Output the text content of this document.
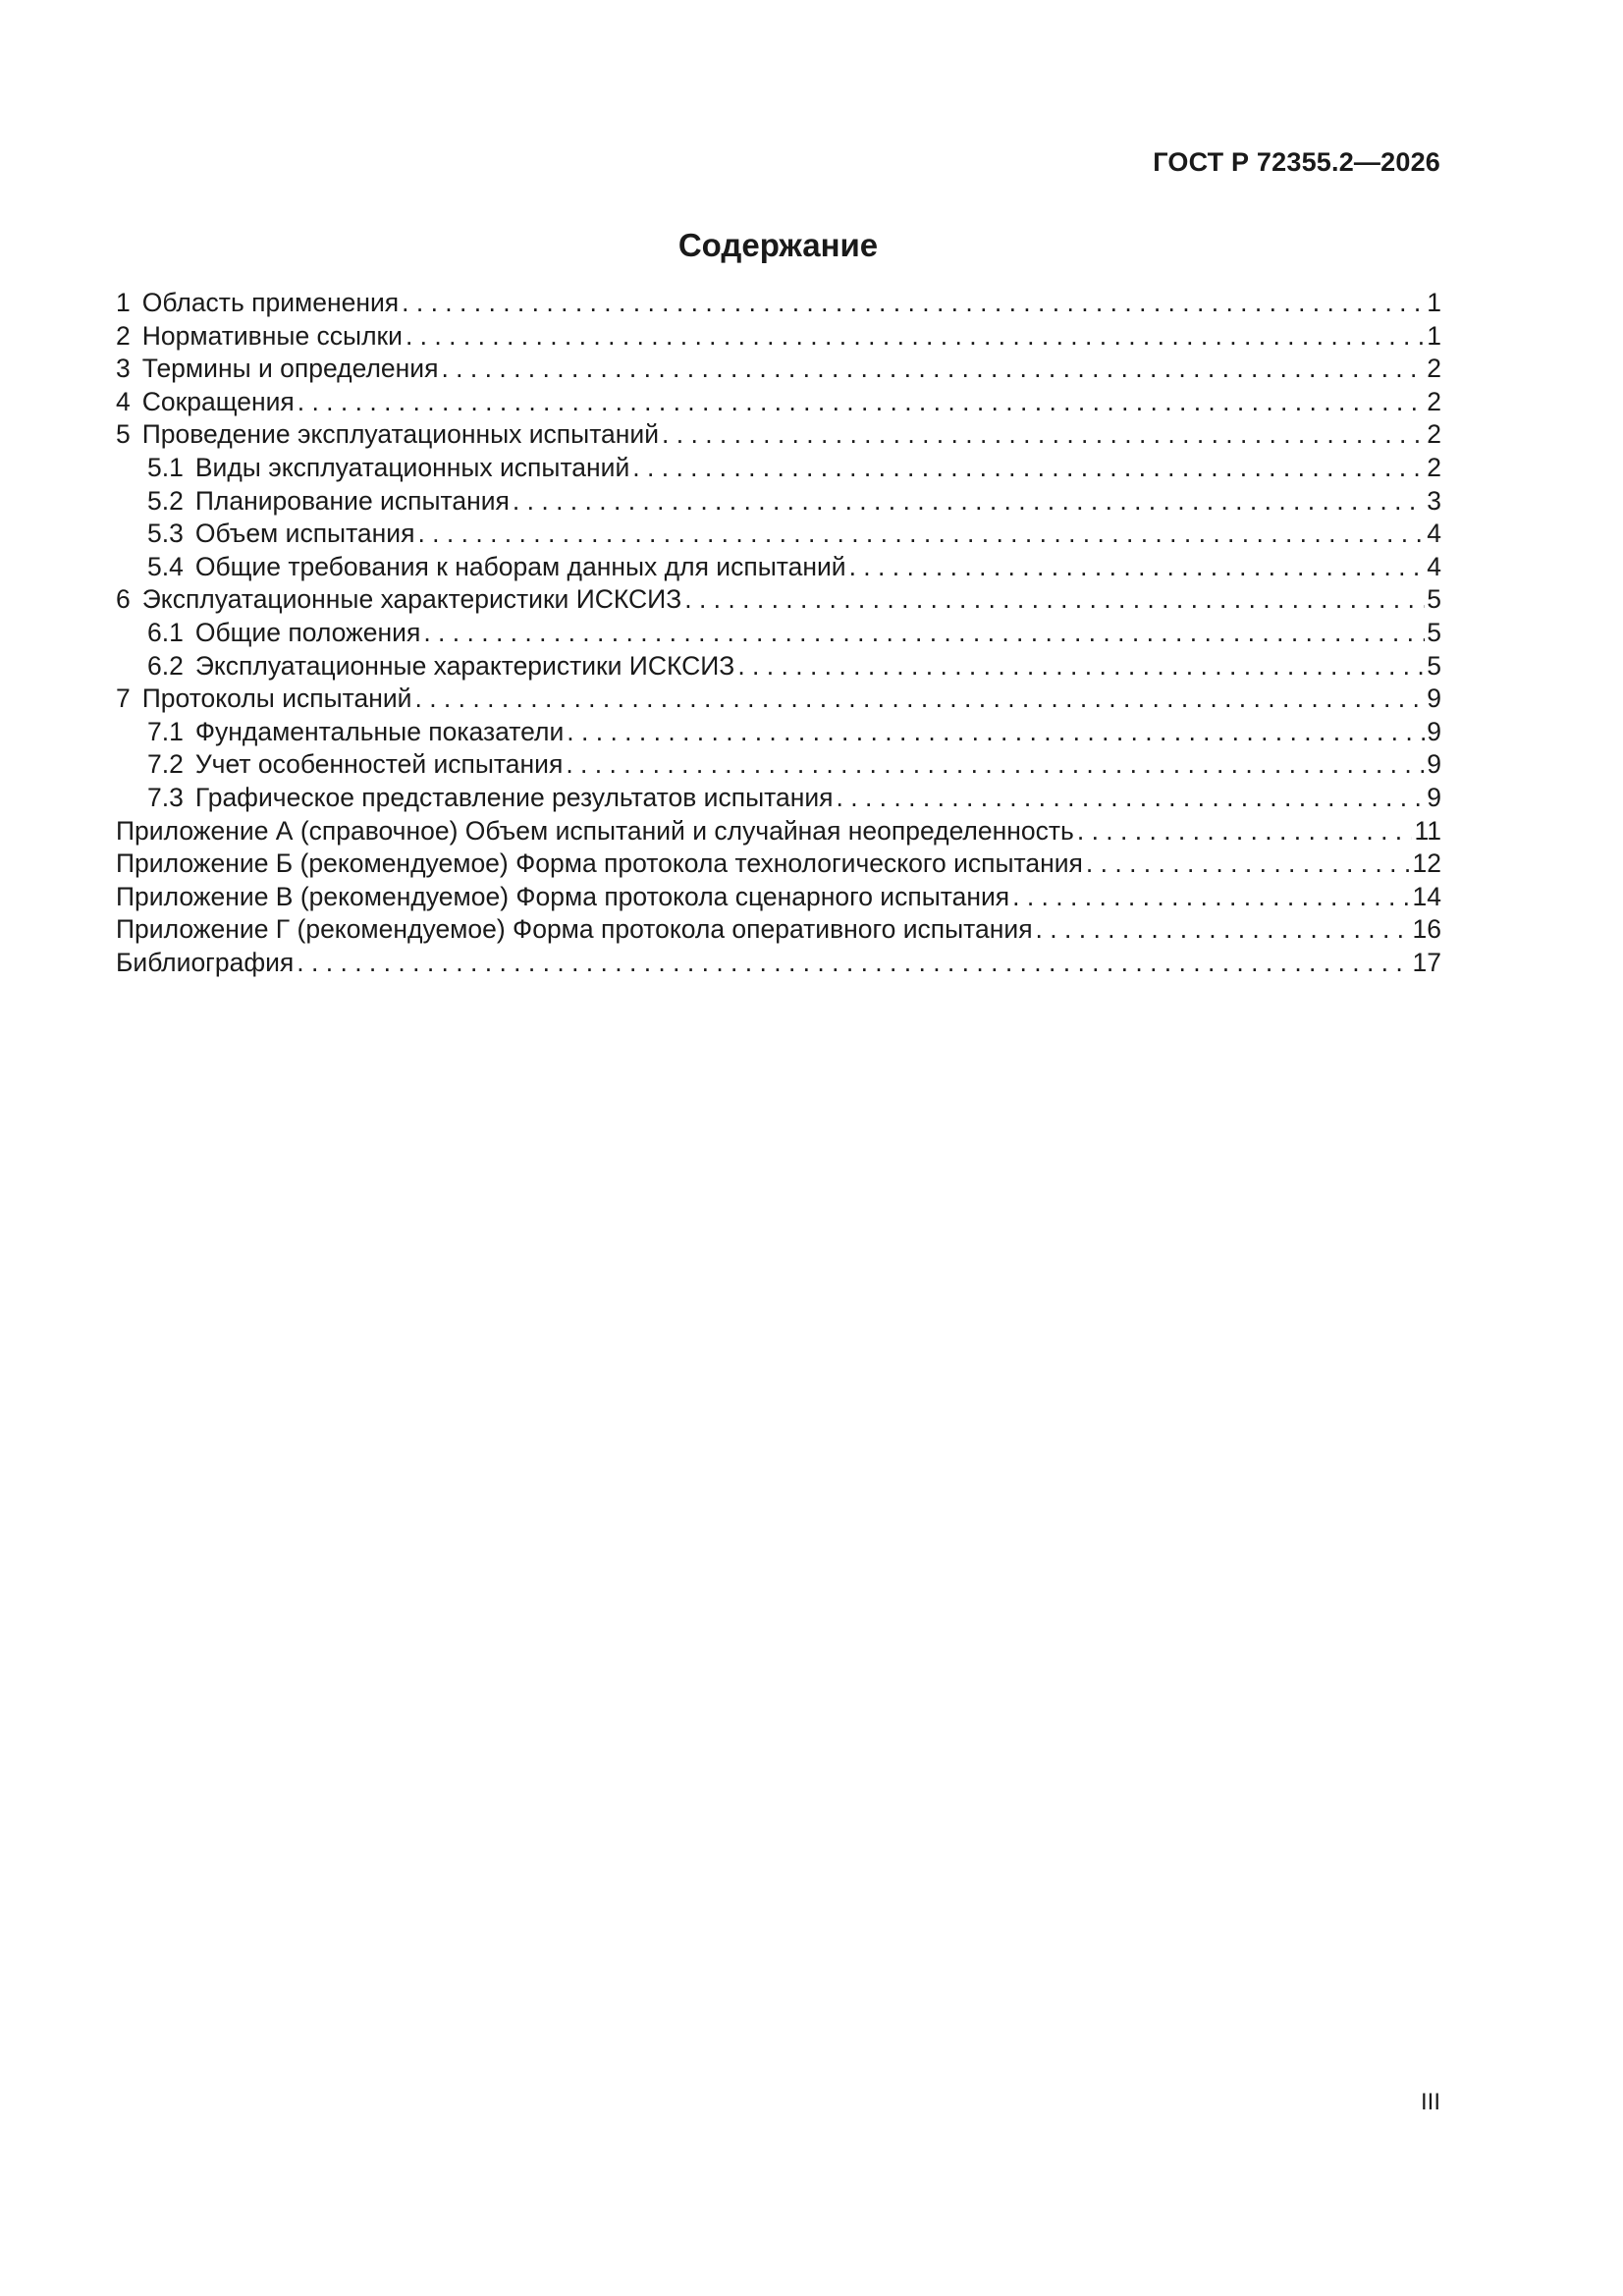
ГОСТ Р 72355.2—2026
Содержание
1 Область применения . . .	1
2 Нормативные ссылки . . .	1
3 Термины и определения . . .	2
4 Сокращения . . .	2
5 Проведение эксплуатационных испытаний . . .	2
5.1 Виды эксплуатационных испытаний . . .	2
5.2 Планирование испытания . . .	3
5.3 Объем испытания . . .	4
5.4 Общие требования к наборам данных для испытаний . . .	4
6 Эксплуатационные характеристики ИСКСИЗ . . .	5
6.1 Общие положения . . .	5
6.2 Эксплуатационные характеристики ИСКСИЗ . . .	5
7 Протоколы испытаний . . .	9
7.1 Фундаментальные показатели . . .	9
7.2 Учет особенностей испытания . . .	9
7.3 Графическое представление результатов испытания . . .	9
Приложение А (справочное) Объем испытаний и случайная неопределенность . . .	11
Приложение Б (рекомендуемое) Форма протокола технологического испытания . . .	12
Приложение В (рекомендуемое) Форма протокола сценарного испытания . . .	14
Приложение Г (рекомендуемое) Форма протокола оперативного испытания . . .	16
Библиография . . .	17
III
